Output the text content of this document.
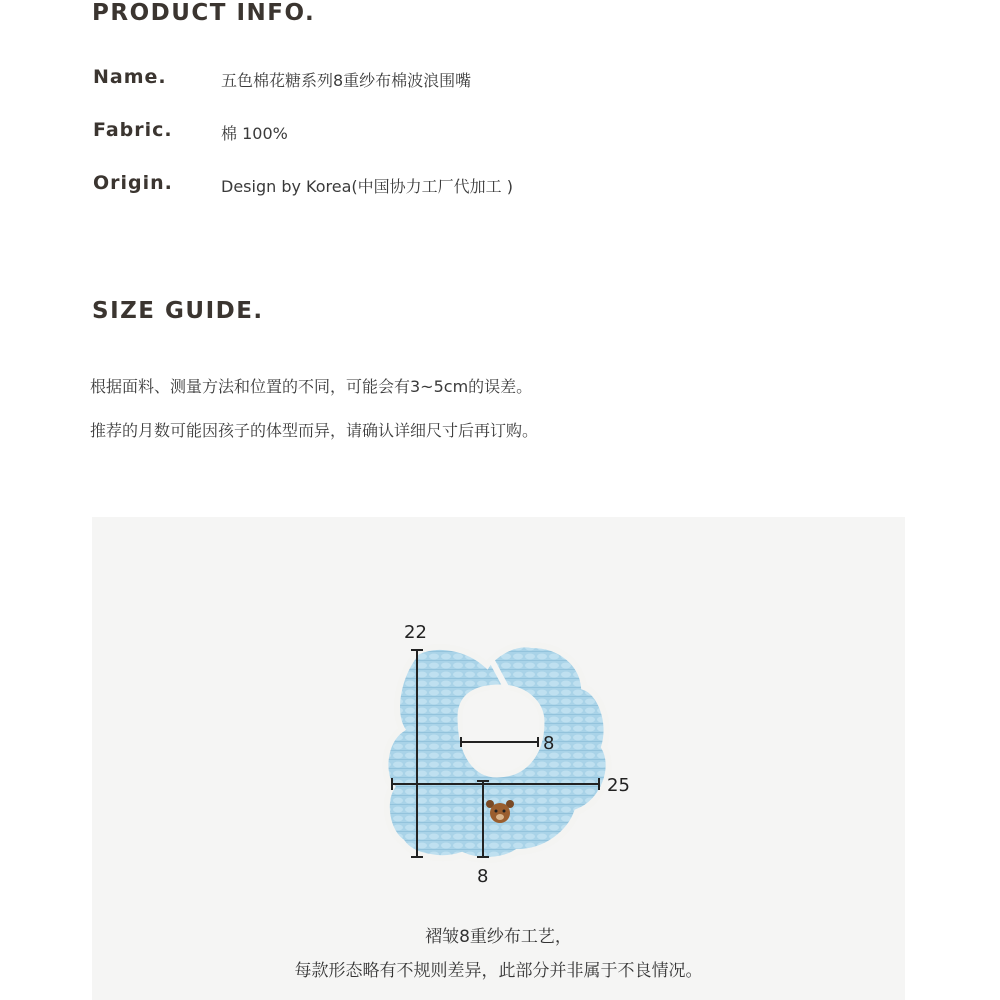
PRODUCT INFO.
Name.	五色棉花糖系列8重纱布棉波浪围嘴
Fabric.	棉 100%
Origin.	Design by Korea(中国协力工厂代加工 )
SIZE GUIDE.
根据面料、测量方法和位置的不同，可能会有3~5cm的误差。
推荐的月数可能因孩子的体型而异，请确认详细尺寸后再订购。
22
8
25
8
褶皱8重纱布工艺，
每款形态略有不规则差异，此部分并非属于不良情况。
